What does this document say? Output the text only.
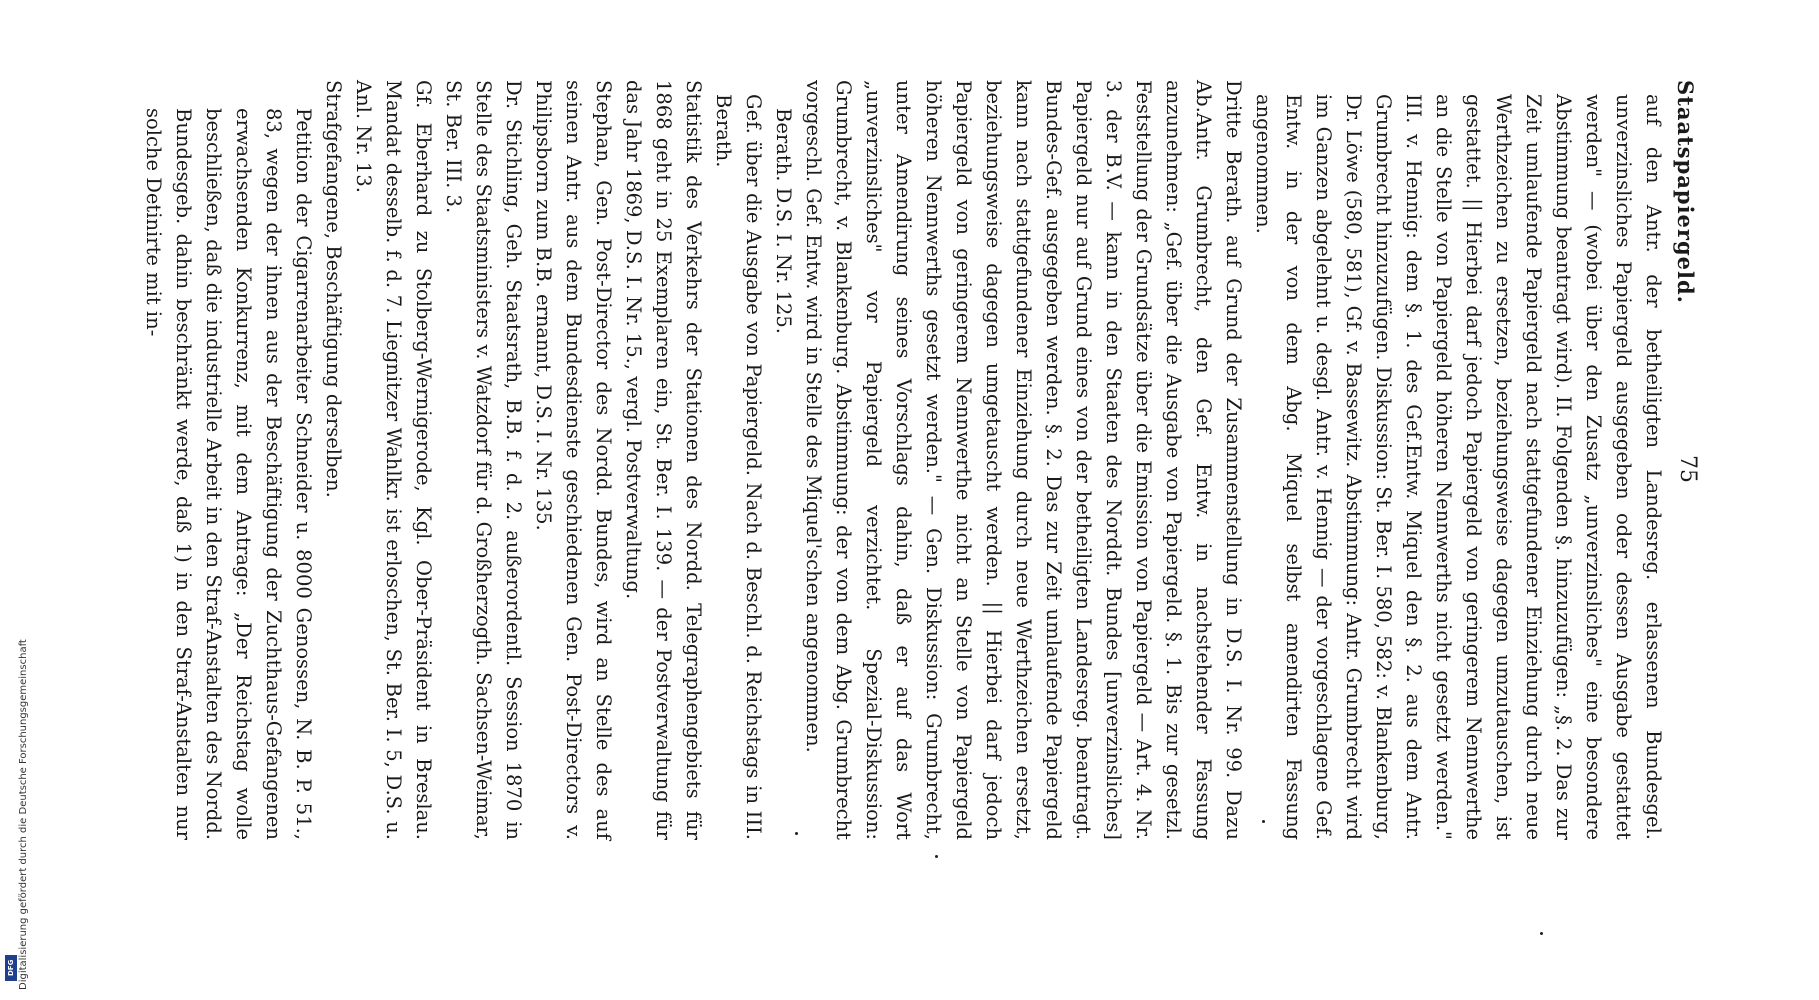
75

Staatspapiergeld.

auf den Antr. der betheiligten Landesreg. erlassenen Bundesgel. unverzinsliches Papiergeld ausgegeben oder dessen Ausgabe gestattet werden" — (wobei über den Zusatz „unverzinsliches" eine besondere Abstimmung beantragt wird). II. Folgenden §. hinzuzufügen: „§. 2. Das zur Zeit umlaufende Papiergeld nach stattgefundener Einziehung durch neue Werthzeichen zu ersetzen, beziehungsweise dagegen umzutauschen, ist gestattet. || Hierbei darf jedoch Papiergeld von geringerem Nennwerthe an die Stelle von Papiergeld höheren Nennwerths nicht gesetzt werden." III. v. Hennig: dem §. 1. des Gef.Entw. Miquel den §. 2. aus dem Antr. Grumbrecht hinzuzufügen. Diskussion: St. Ber. I. 580, 582: v. Blankenburg, Dr. Löwe (580, 581), Gf. v. Bassewitz. Abstimmung: Antr. Grumbrecht wird im Ganzen abgelehnt u. desgl. Antr. v. Hennig — der vorgeschlagene Gef. Entw. in der von dem Abg. Miquel selbst amendirten Fassung angenommen.

Dritte Berath. auf Grund der Zusammenstellung in D.S. I. Nr. 99. Dazu Ab.Antr. Grumbrecht, den Gef. Entw. in nachstehender Fassung anzunehmen: „Gef. über die Ausgabe von Papiergeld. §. 1. Bis zur gesetzl. Feststellung der Grundsätze über die Emission von Papiergeld — Art. 4. Nr. 3. der B.V. — kann in den Staaten des Norddt. Bundes [unverzinsliches] Papiergeld nur auf Grund eines von der betheiligten Landesreg. beantragt. Bundes-Gef. ausgegeben werden. §. 2. Das zur Zeit umlaufende Papiergeld kann nach stattgefundener Einziehung durch neue Werthzeichen ersetzt, beziehungsweise dagegen umgetauscht werden. || Hierbei darf jedoch Papiergeld von geringerem Nennwerthe nicht an Stelle von Papiergeld höheren Nennwerths gesetzt werden." — Gen. Diskussion: Grumbrecht, unter Amendirung seines Vorschlags dahin, daß er auf das Wort „unverzinsliches" vor Papiergeld verzichtet. Spezial-Diskussion: Grumbrecht, v. Blankenburg. Abstimmung: der von dem Abg. Grumbrecht vorgeschl. Gef. Entw. wird in Stelle des Miquel'schen angenommen.

Berath. D.S. I. Nr. 125.

Gef. über die Ausgabe von Papiergeld. Nach d. Beschl. d. Reichstags in III. Berath.

Statistik des Verkehrs der Stationen des Nordd. Telegraphengebiets für 1868 geht in 25 Exemplaren ein, St. Ber. I. 139. — der Postverwaltung für das Jahr 1869, D.S. I. Nr. 15., vergl. Postverwaltung.

Stephan, Gen. Post-Director des Nordd. Bundes, wird an Stelle des auf seinen Antr. aus dem Bundesdienste geschiedenen Gen. Post-Directors v. Philipsborn zum B.B. ernannt, D.S. I. Nr. 135.

Dr. Stichling, Geh. Staatsrath, B.B. f. d. 2. außerordentl. Session 1870 in Stelle des Staatsministers v. Watzdorf für d. Großherzogth. Sachsen-Weimar, St. Ber. III. 3.

Gf. Eberhard zu Stolberg-Wernigerode, Kgl. Ober-Präsident in Breslau. Mandat desselb. f. d. 7. Liegnitzer Wahlkr. ist erloschen, St. Ber. I. 5, D.S. u. Anl. Nr. 13.

Strafgefangene, Beschäftigung derselben.

Petition der Cigarrenarbeiter Schneider u. 8000 Genossen, N. B. P. 51., 83, wegen der ihnen aus der Beschäftigung der Zuchthaus-Gefangenen erwachsenden Konkurrenz, mit dem Antrage: „Der Reichstag wolle beschließen, daß die industrielle Arbeit in den Straf-Anstalten des Nordd. Bundesgeb. dahin beschränkt werde, daß 1) in den Straf-Anstalten nur solche Detinirte mit in-

Digitalisierung gefördert durch die Deutsche Forschungsgemeinschaft
DFG
